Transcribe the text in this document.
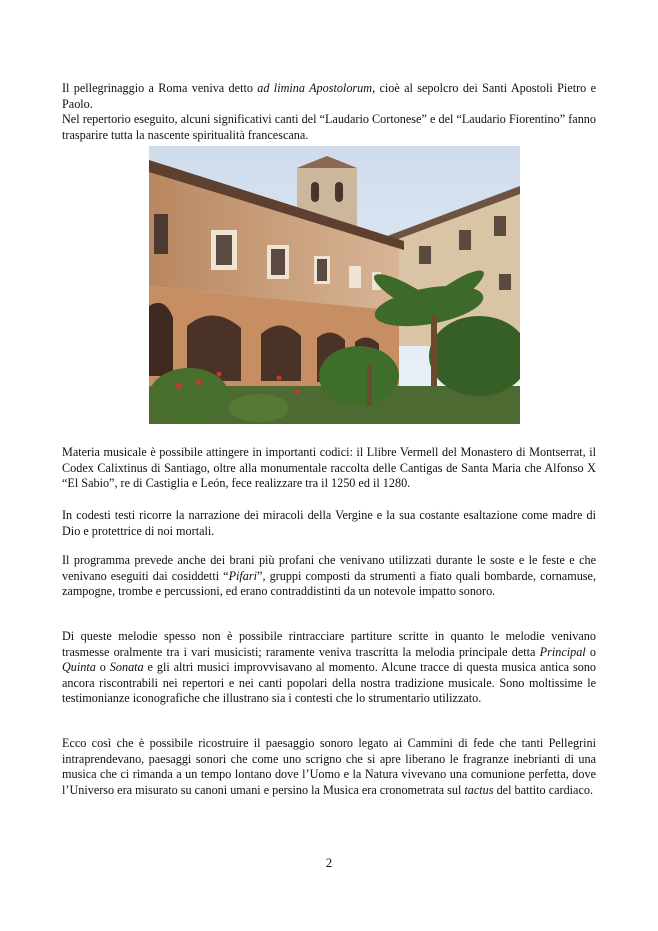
Il pellegrinaggio a Roma veniva detto ad limina Apostolorum, cioè al sepolcro dei Santi Apostoli Pietro e Paolo.
Nel repertorio eseguito, alcuni significativi canti del “Laudario Cortonese” e del “Laudario Fiorentino” fanno trasparire tutta la nascente spiritualità francescana.

Materia musicale è possibile attingere in importanti codici: il Llibre Vermell del Monastero di Montserrat, il Codex Calixtinus di Santiago, oltre alla monumentale raccolta delle Cantigas de Santa Maria che Alfonso X “El Sabio”, re di Castiglia e León, fece realizzare tra il 1250 ed il 1280.

In codesti testi ricorre la narrazione dei miracoli della Vergine e la sua costante esaltazione come madre di Dio e protettrice di noi mortali.

Il programma prevede anche dei brani più profani che venivano utilizzati durante le soste e le feste e che venivano eseguiti dai cosiddetti “Pifari”, gruppi composti da strumenti a fiato quali bombarde, cornamuse, zampogne, trombe e percussioni, ed erano contraddistinti da un notevole impatto sonoro.

Di queste melodie spesso non è possibile rintracciare partiture scritte in quanto le melodie venivano trasmesse oralmente tra i vari musicisti; raramente veniva trascritta la melodia principale detta Principal o Quinta o Sonata e gli altri musici improvvisavano al momento. Alcune tracce di questa musica antica sono ancora riscontrabili nei repertori e nei canti popolari della nostra tradizione musicale. Sono moltissime le testimonianze iconografiche che illustrano sia i contesti che lo strumentario utilizzato.

Ecco così che è possibile ricostruire il paesaggio sonoro legato ai Cammini di fede che tanti Pellegrini intraprendevano, paesaggi sonori che come uno scrigno che si apre liberano le fragranze inebrianti di una musica che ci rimanda a un tempo lontano dove l’Uomo e la Natura vivevano una comunione perfetta, dove l’Universo era misurato su canoni umani e persino la Musica era cronometrata sul tactus del battito cardiaco.

2
